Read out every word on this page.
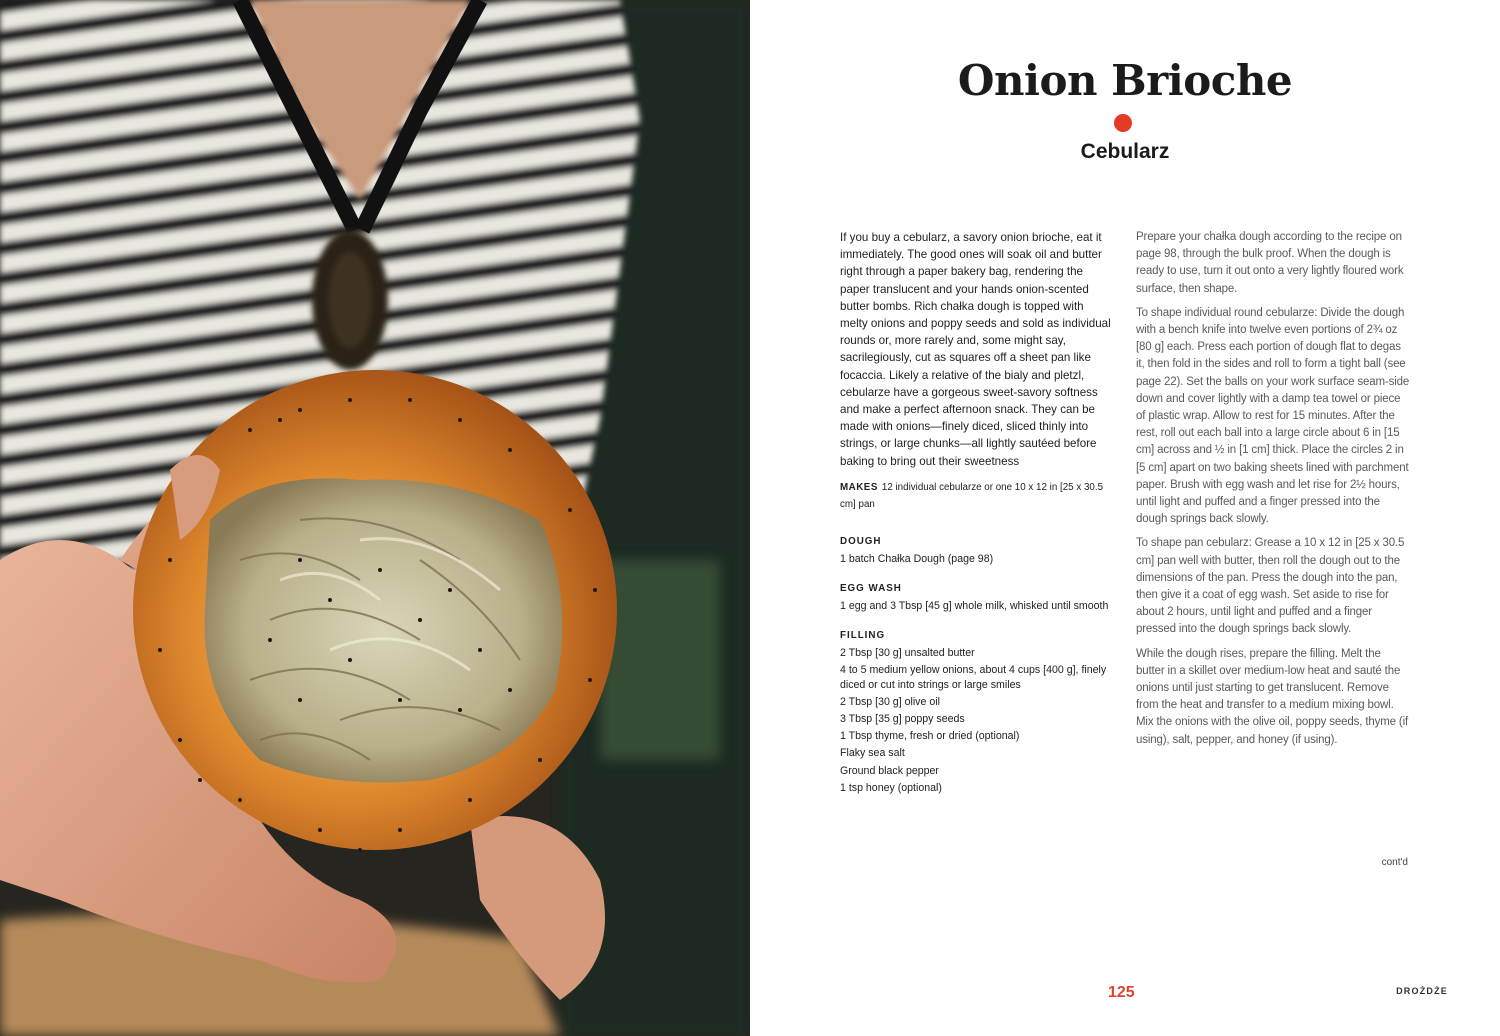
Onion Brioche
Cebularz

If you buy a cebularz, a savory onion brioche, eat it immediately. The good ones will soak oil and butter right through a paper bakery bag, rendering the paper translucent and your hands onion-scented butter bombs. Rich chałka dough is topped with melty onions and poppy seeds and sold as individual rounds or, more rarely and, some might say, sacrilegiously, cut as squares off a sheet pan like focaccia. Likely a relative of the bialy and pletzl, cebularze have a gorgeous sweet-savory softness and make a perfect afternoon snack. They can be made with onions—finely diced, sliced thinly into strings, or large chunks—all lightly sautéed before baking to bring out their sweetness

MAKES 12 individual cebularze or one 10 x 12 in [25 x 30.5 cm] pan
DOUGH
1 batch Chałka Dough (page 98)
EGG WASH
1 egg and 3 Tbsp [45 g] whole milk, whisked until smooth
FILLING
2 Tbsp [30 g] unsalted butter
4 to 5 medium yellow onions, about 4 cups [400 g], finely diced or cut into strings or large smiles
2 Tbsp [30 g] olive oil
3 Tbsp [35 g] poppy seeds
1 Tbsp thyme, fresh or dried (optional)
Flaky sea salt
Ground black pepper
1 tsp honey (optional)

Prepare your chałka dough according to the recipe on page 98, through the bulk proof. When the dough is ready to use, turn it out onto a very lightly floured work surface, then shape.

To shape individual round cebularze: Divide the dough with a bench knife into twelve even portions of 2¾ oz [80 g] each. Press each portion of dough flat to degas it, then fold in the sides and roll to form a tight ball (see page 22). Set the balls on your work surface seam-side down and cover lightly with a damp tea towel or piece of plastic wrap. Allow to rest for 15 minutes. After the rest, roll out each ball into a large circle about 6 in [15 cm] across and ½ in [1 cm] thick. Place the circles 2 in [5 cm] apart on two baking sheets lined with parchment paper. Brush with egg wash and let rise for 2½ hours, until light and puffed and a finger pressed into the dough springs back slowly.

To shape pan cebularz: Grease a 10 x 12 in [25 x 30.5 cm] pan well with butter, then roll the dough out to the dimensions of the pan. Press the dough into the pan, then give it a coat of egg wash. Set aside to rise for about 2 hours, until light and puffed and a finger pressed into the dough springs back slowly.

While the dough rises, prepare the filling. Melt the butter in a skillet over medium-low heat and sauté the onions until just starting to get translucent. Remove from the heat and transfer to a medium mixing bowl. Mix the onions with the olive oil, poppy seeds, thyme (if using), salt, pepper, and honey (if using).

cont'd
125	DROŻDŻE
